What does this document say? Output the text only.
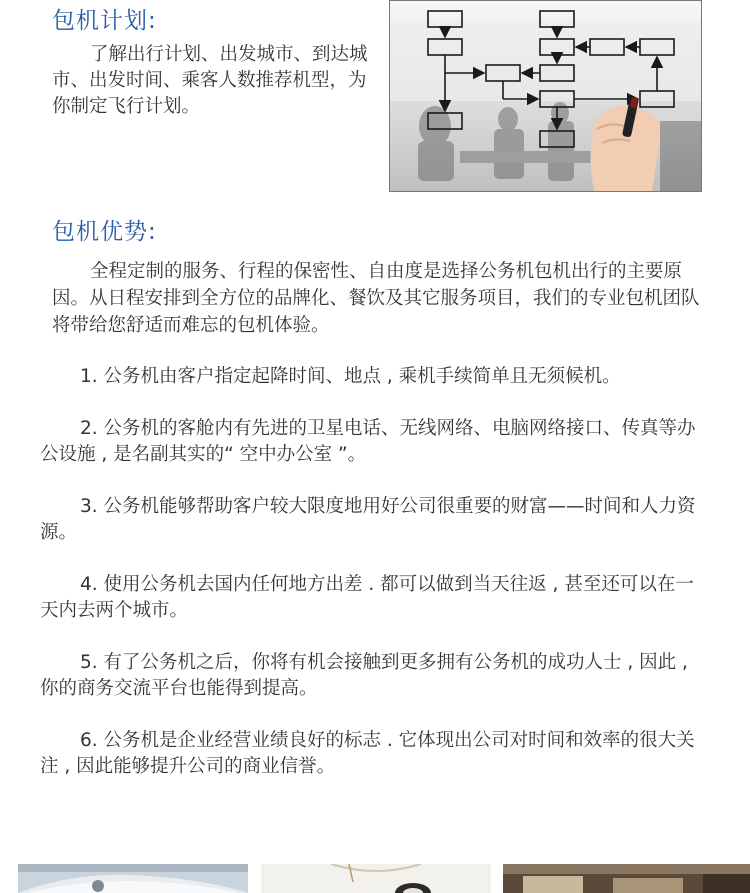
包机计划:
了解出行计划、出发城市、到达城市、出发时间、乘客人数推荐机型，为你制定飞行计划。
包机优势:
全程定制的服务、行程的保密性、自由度是选择公务机包机出行的主要原因。从日程安排到全方位的品牌化、餐饮及其它服务项目，我们的专业包机团队将带给您舒适而难忘的包机体验。
1. 公务机由客户指定起降时间、地点 , 乘机手续简单且无须候机。
2. 公务机的客舱内有先进的卫星电话、无线网络、电脑网络接口、传真等办公设施 , 是名副其实的“ 空中办公室 ”。
3. 公务机能够帮助客户较大限度地用好公司很重要的财富——时间和人力资源。
4. 使用公务机去国内任何地方出差 . 都可以做到当天往返 , 甚至还可以在一天内去两个城市。
5. 有了公务机之后，你将有机会接触到更多拥有公务机的成功人士 , 因此 , 你的商务交流平台也能得到提高。
6. 公务机是企业经营业绩良好的标志 . 它体现出公司对时间和效率的很大关注 , 因此能够提升公司的商业信誉。
